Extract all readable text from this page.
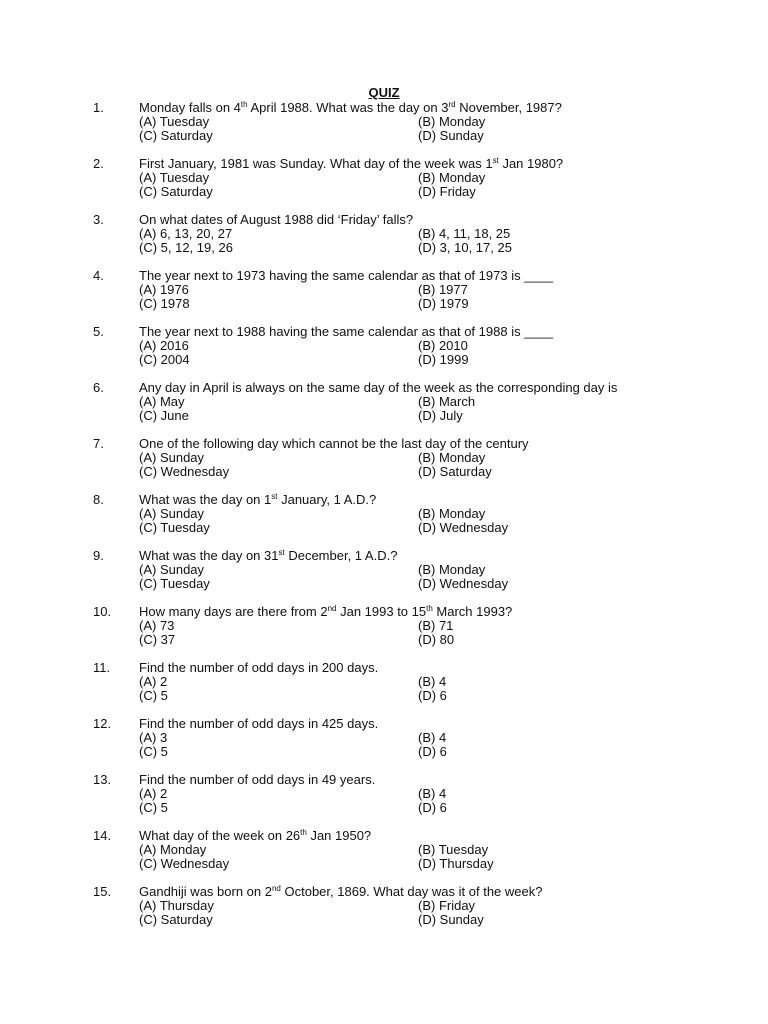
QUIZ
1.	Monday falls on 4th April 1988. What was the day on 3rd November, 1987?
(A) Tuesday	(B) Monday
(C) Saturday	(D) Sunday
2.	First January, 1981 was Sunday. What day of the week was 1st Jan 1980?
(A) Tuesday	(B) Monday
(C) Saturday	(D) Friday
3.	On what dates of August 1988 did ‘Friday’ falls?
(A) 6, 13, 20, 27	(B) 4, 11, 18, 25
(C) 5, 12, 19, 26	(D) 3, 10, 17, 25
4.	The year next to 1973 having the same calendar as that of 1973 is ____
(A) 1976	(B) 1977
(C) 1978	(D) 1979
5.	The year next to 1988 having the same calendar as that of 1988 is ____
(A) 2016	(B) 2010
(C) 2004	(D) 1999
6.	Any day in April is always on the same day of the week as the corresponding day is
(A) May	(B) March
(C) June	(D) July
7.	One of the following day which cannot be the last day of the century
(A) Sunday	(B) Monday
(C) Wednesday	(D) Saturday
8.	What was the day on 1st January, 1 A.D.?
(A) Sunday	(B) Monday
(C) Tuesday	(D) Wednesday
9.	What was the day on 31st December, 1 A.D.?
(A) Sunday	(B) Monday
(C) Tuesday	(D) Wednesday
10. How many days are there from 2nd Jan 1993 to 15th March 1993?
(A) 73	(B) 71
(C) 37	(D) 80
11. Find the number of odd days in 200 days.
(A) 2	(B) 4
(C) 5	(D) 6
12. Find the number of odd days in 425 days.
(A) 3	(B) 4
(C) 5	(D) 6
13. Find the number of odd days in 49 years.
(A) 2	(B) 4
(C) 5	(D) 6
14. What day of the week on 26th Jan 1950?
(A) Monday	(B) Tuesday
(C) Wednesday	(D) Thursday
15. Gandhiji was born on 2nd October, 1869. What day was it of the week?
(A) Thursday	(B) Friday
(C) Saturday	(D) Sunday
